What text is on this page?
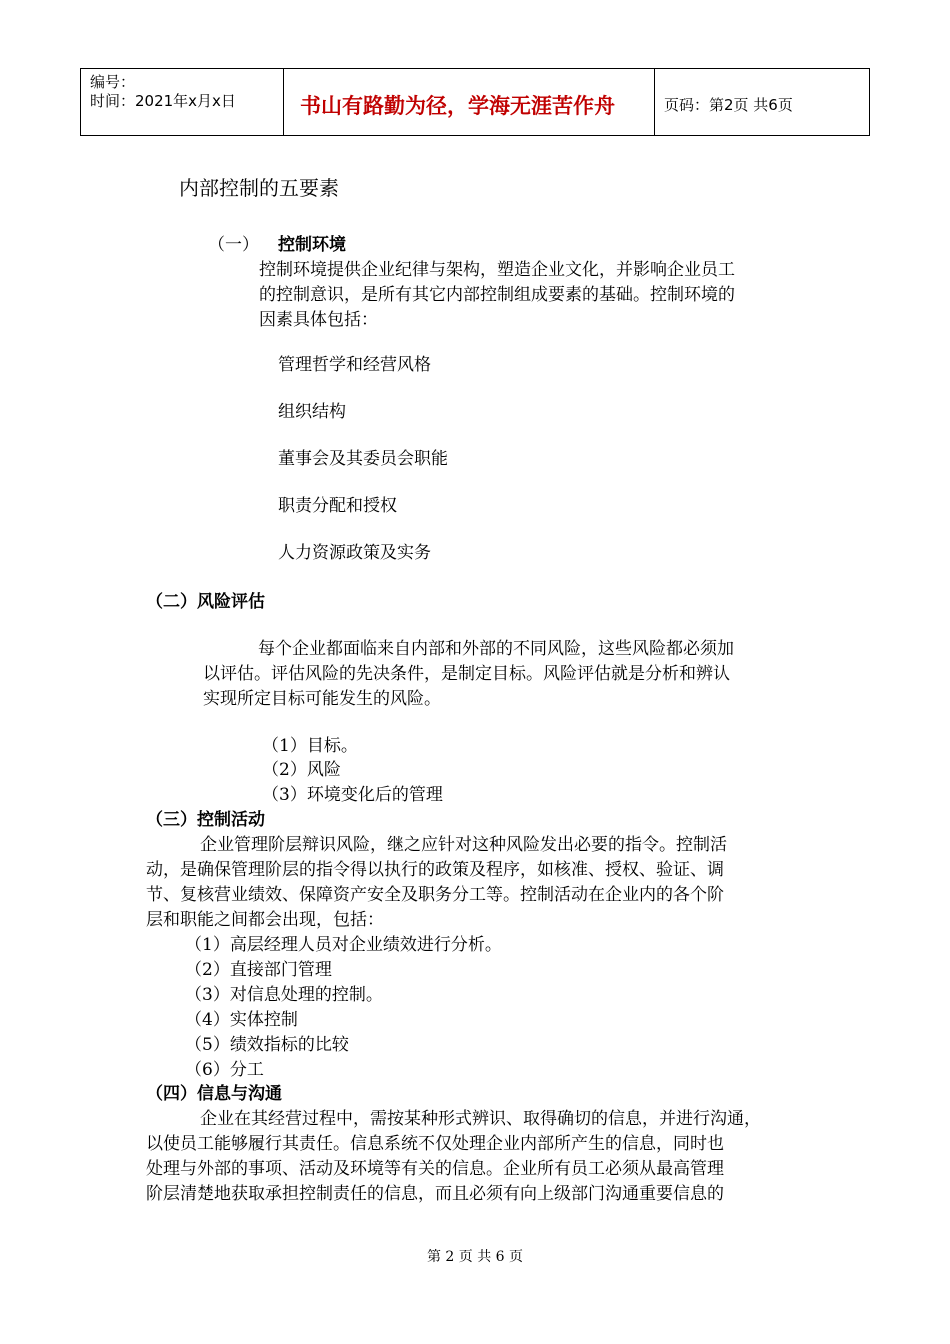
编号：
时间：2021年x月x日	书山有路勤为径，学海无涯苦作舟	页码：第2页 共6页
内部控制的五要素
（一） 控制环境
控制环境提供企业纪律与架构，塑造企业文化，并影响企业员工
的控制意识，是所有其它内部控制组成要素的基础。控制环境的
因素具体包括：
管理哲学和经营风格
组织结构
董事会及其委员会职能
职责分配和授权
人力资源政策及实务
（二）风险评估
每个企业都面临来自内部和外部的不同风险，这些风险都必须加
以评估。评估风险的先决条件，是制定目标。风险评估就是分析和辨认
实现所定目标可能发生的风险。
（1）目标。
（2）风险
（3）环境变化后的管理
（三）控制活动
企业管理阶层辩识风险，继之应针对这种风险发出必要的指令。控制活
动，是确保管理阶层的指令得以执行的政策及程序，如核准、授权、验证、调
节、复核营业绩效、保障资产安全及职务分工等。控制活动在企业内的各个阶
层和职能之间都会出现，包括：
（1）高层经理人员对企业绩效进行分析。
（2）直接部门管理
（3）对信息处理的控制。
（4）实体控制
（5）绩效指标的比较
（6）分工
（四）信息与沟通
企业在其经营过程中，需按某种形式辨识、取得确切的信息，并进行沟通，
以使员工能够履行其责任。信息系统不仅处理企业内部所产生的信息，同时也
处理与外部的事项、活动及环境等有关的信息。企业所有员工必须从最高管理
阶层清楚地获取承担控制责任的信息，而且必须有向上级部门沟通重要信息的
第 2 页 共 6 页
